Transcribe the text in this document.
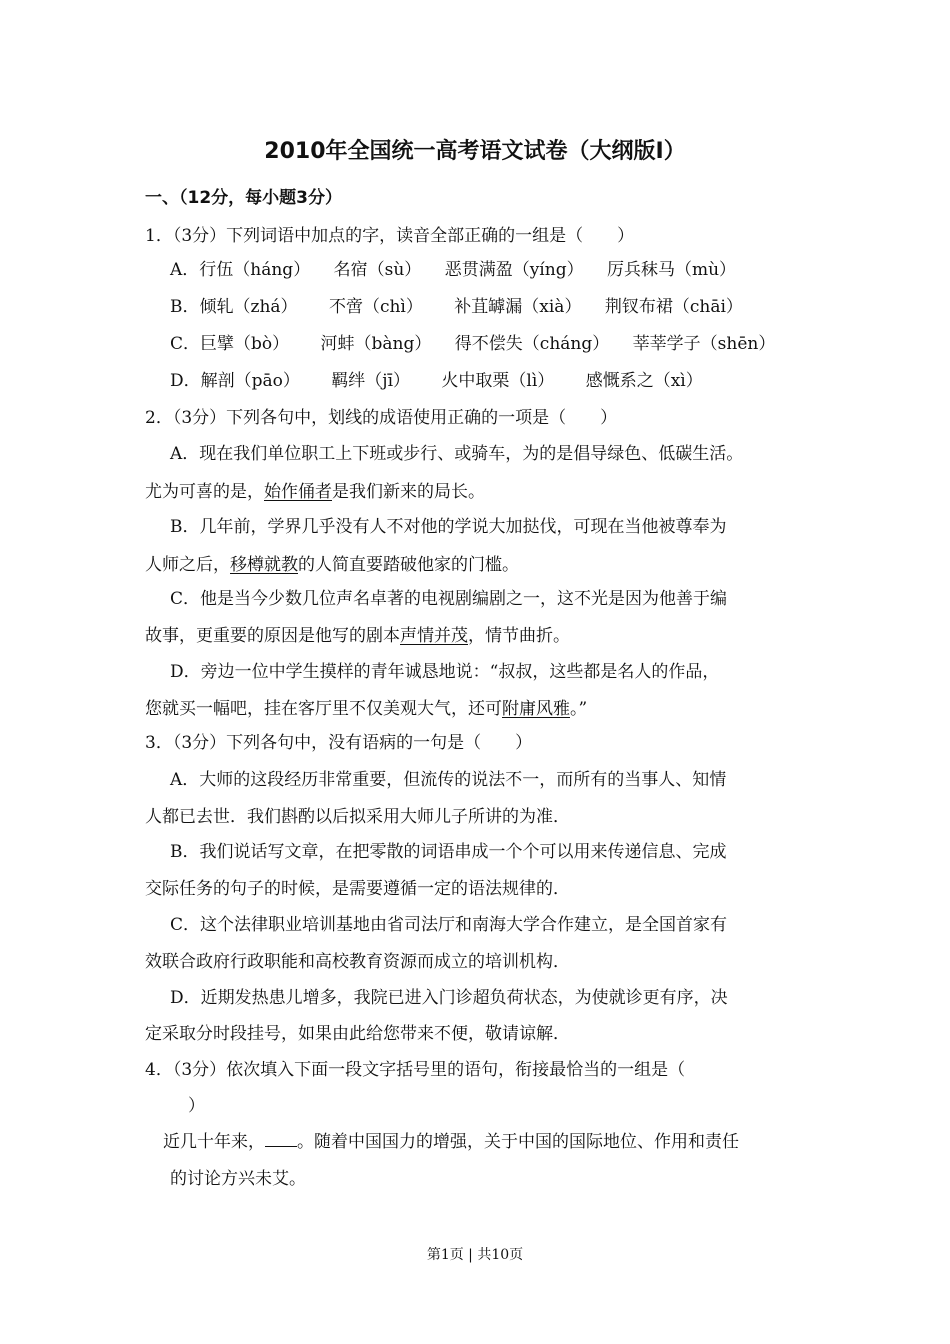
2010年全国统一高考语文试卷（大纲版Ⅰ）
一、（12分，每小题3分）
1．（3分）下列词语中加点的字，读音全部正确的一组是（　　）
A．行伍（háng） 名宿（sù） 恶贯满盈（yíng） 厉兵秣马（mù）
B．倾轧（zhá） 不啻（chì） 补苴罅漏（xià） 荆钗布裙（chāi）
C．巨擘（bò） 河蚌（bàng） 得不偿失（cháng） 莘莘学子（shēn）
D．解剖（pāo） 羁绊（jī） 火中取栗（lì） 感慨系之（xì）
2．（3分）下列各句中，划线的成语使用正确的一项是（　　）
A．现在我们单位职工上下班或步行、或骑车，为的是倡导绿色、低碳生活。
尤为可喜的是，始作俑者是我们新来的局长。
B．几年前，学界几乎没有人不对他的学说大加挞伐，可现在当他被尊奉为
人师之后，移樽就教的人简直要踏破他家的门槛。
C．他是当今少数几位声名卓著的电视剧编剧之一，这不光是因为他善于编
故事，更重要的原因是他写的剧本声情并茂，情节曲折。
D．旁边一位中学生摸样的青年诚恳地说：“叔叔，这些都是名人的作品，
您就买一幅吧，挂在客厅里不仅美观大气，还可附庸风雅。”
3．（3分）下列各句中，没有语病的一句是（　　）
A．大师的这段经历非常重要，但流传的说法不一，而所有的当事人、知情
人都已去世．我们斟酌以后拟采用大师儿子所讲的为准．
B．我们说话写文章，在把零散的词语串成一个个可以用来传递信息、完成
交际任务的句子的时候，是需要遵循一定的语法规律的．
C．这个法律职业培训基地由省司法厅和南海大学合作建立，是全国首家有
效联合政府行政职能和高校教育资源而成立的培训机构．
D．近期发热患儿增多，我院已进入门诊超负荷状态，为使就诊更有序，决
定采取分时段挂号，如果由此给您带来不便，敬请谅解．
4．（3分）依次填入下面一段文字括号里的语句，衔接最恰当的一组是（
）
近几十年来， 。随着中国国力的增强，关于中国的国际地位、作用和责任
的讨论方兴未艾。
第1页 | 共10页
